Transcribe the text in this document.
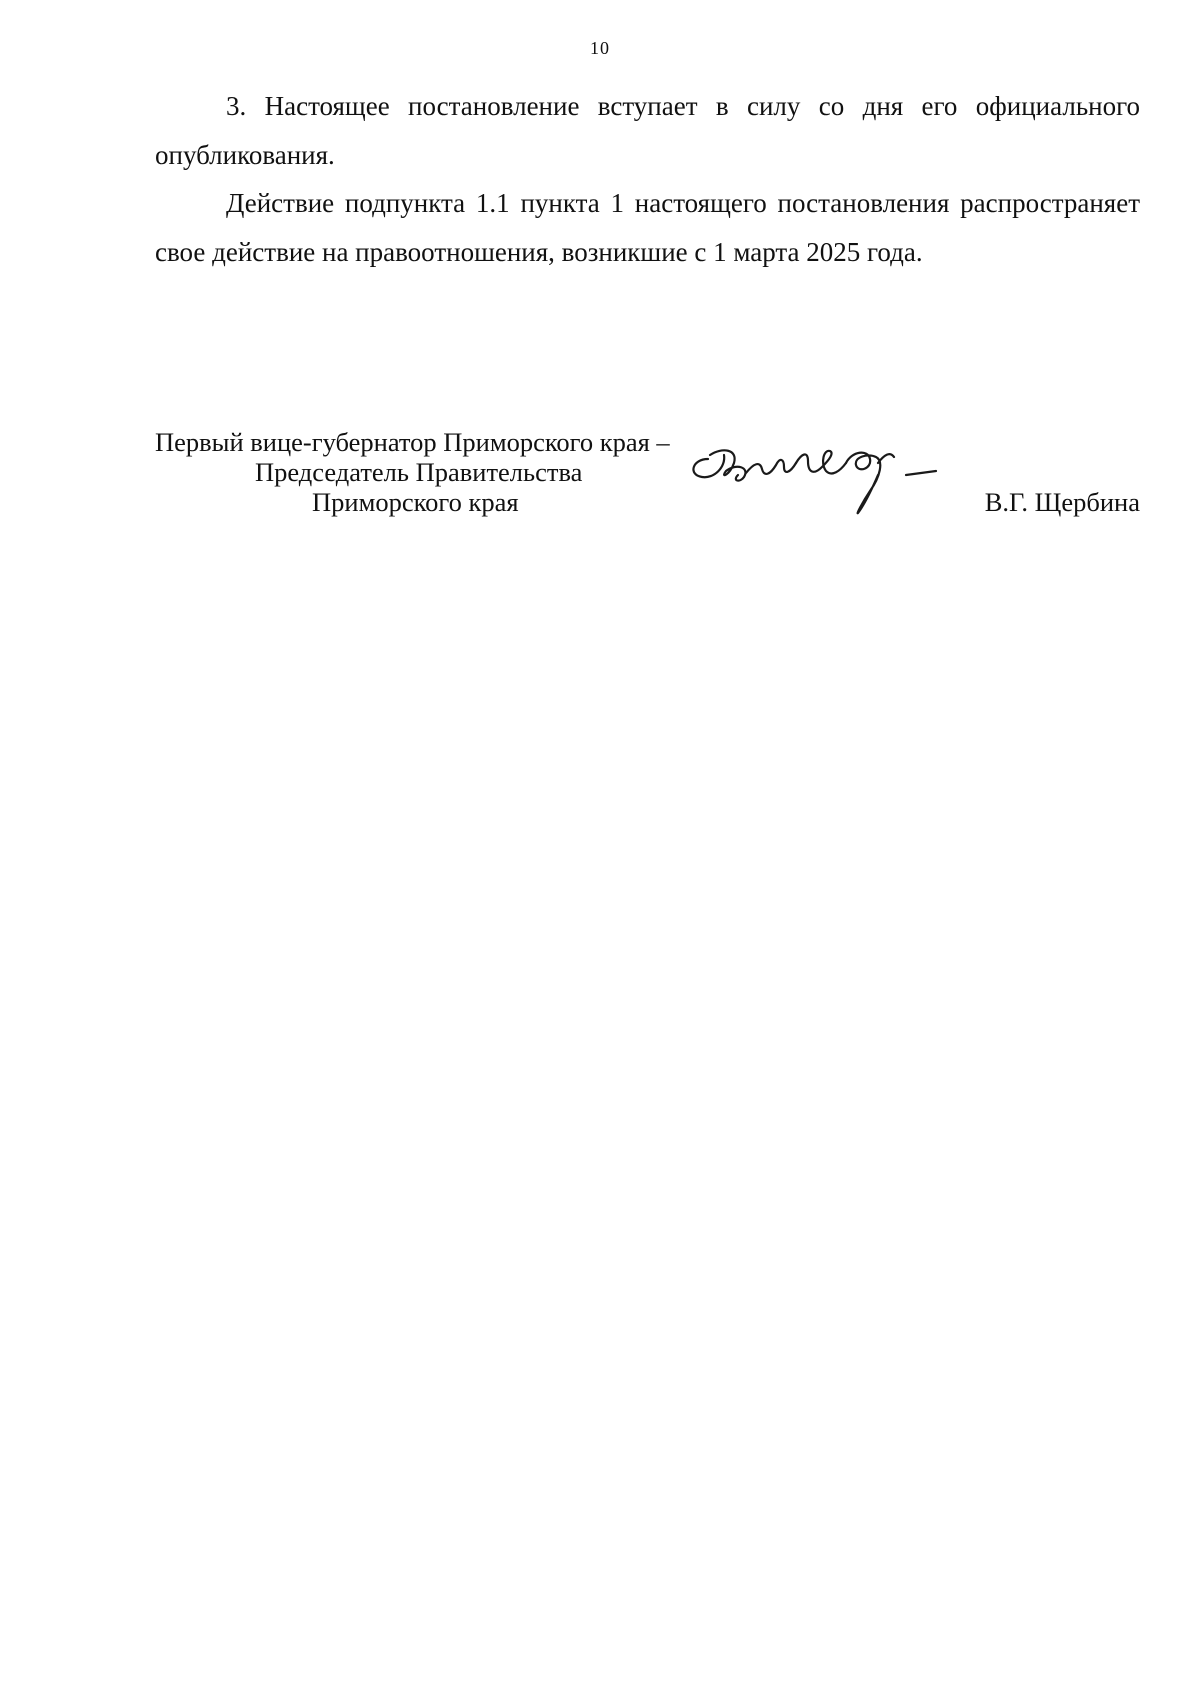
10

3. Настоящее постановление вступает в силу со дня его официального опубликования.

Действие подпункта 1.1 пункта 1 настоящего постановления распространяет свое действие на правоотношения, возникшие с 1 марта 2025 года.

Первый вице-губернатор Приморского края –
Председатель Правительства
Приморского края	В.Г. Щербина
